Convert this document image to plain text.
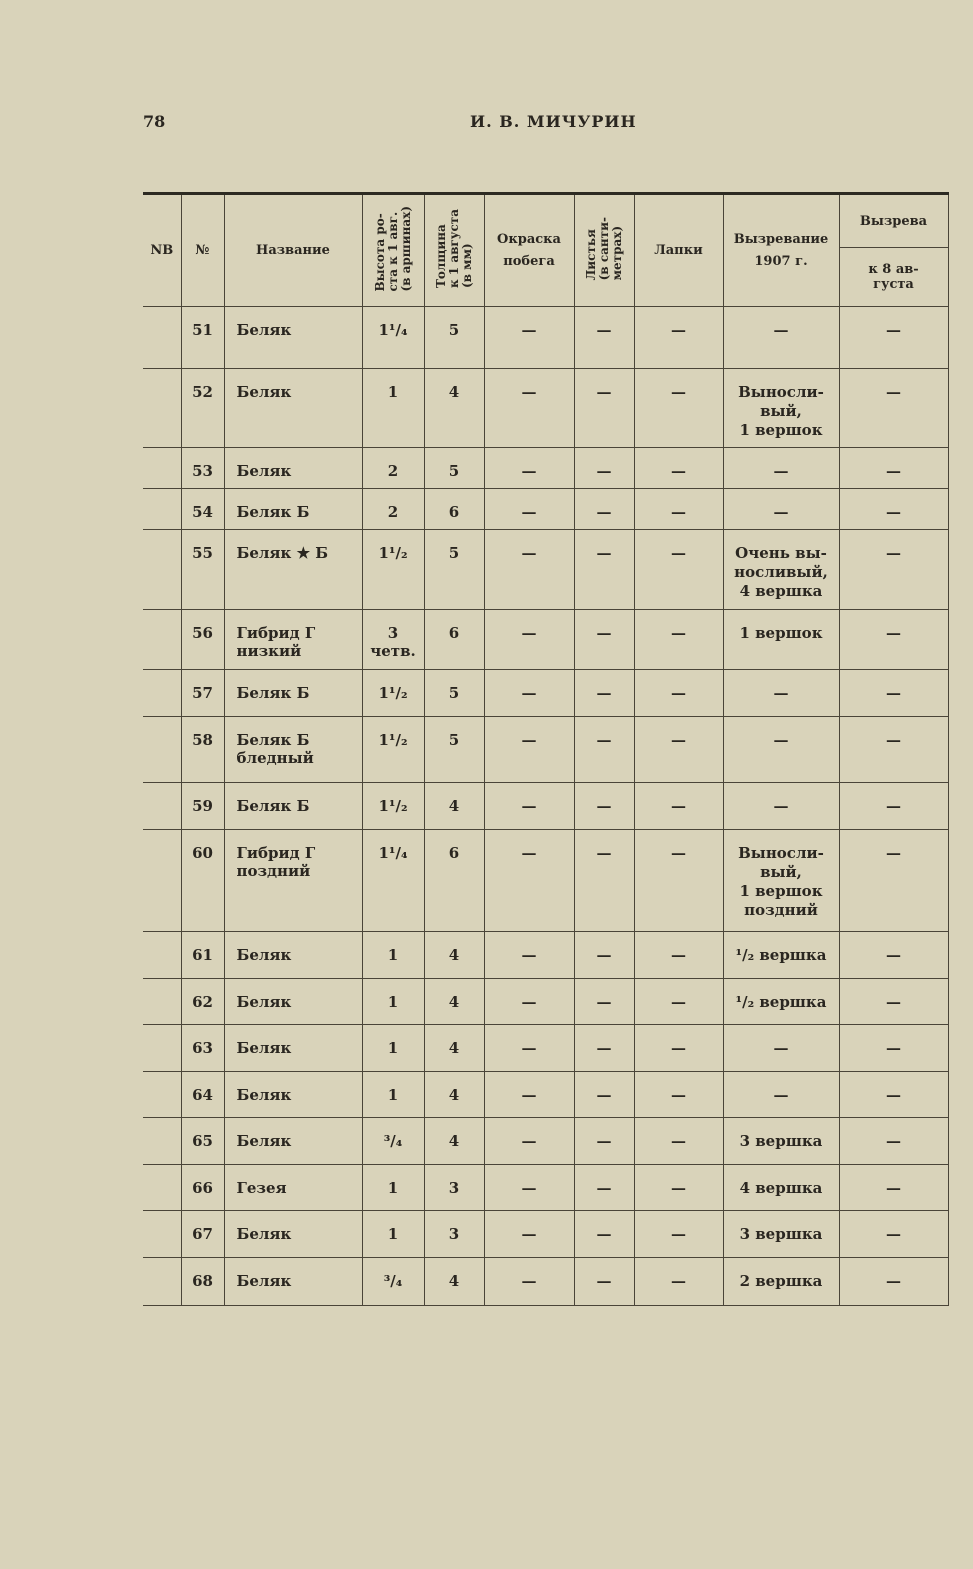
78	И. В. МИЧУРИН
NB	№	Название	Высота ро-
ста к 1 авг.
(в аршинах)	Толщина
к 1 августа
(в мм)	Окраска
побега	Листья
(в санти-
метрах)	Лапки	Вызревание
1907 г.	Вызрева
									к 8 ав-
густа
	51	Беляк	1¹/₄	5	—	—	—	—	—
	52	Беляк	1	4	—	—	—	Выносли-
вый,
1 вершок	—
	53	Беляк	2	5	—	—	—	—	—
	54	Беляк Б	2	6	—	—	—	—	—
	55	Беляк ★ Б	1¹/₂	5	—	—	—	Очень вы-
носливый,
4 вершка	—
	56	Гибрид Г
низкий	3
четв.	6	—	—	—	1 вершок	—
	57	Беляк Б	1¹/₂	5	—	—	—	—	—
	58	Беляк Б
бледный	1¹/₂	5	—	—	—	—	—
	59	Беляк Б	1¹/₂	4	—	—	—	—	—
	60	Гибрид Г
поздний	1¹/₄	6	—	—	—	Выносли-
вый,
1 вершок
поздний	—
	61	Беляк	1	4	—	—	—	¹/₂ вершка	—
	62	Беляк	1	4	—	—	—	¹/₂ вершка	—
	63	Беляк	1	4	—	—	—	—	—
	64	Беляк	1	4	—	—	—	—	—
	65	Беляк	³/₄	4	—	—	—	3 вершка	—
	66	Гезея	1	3	—	—	—	4 вершка	—
	67	Беляк	1	3	—	—	—	3 вершка	—
	68	Беляк	³/₄	4	—	—	—	2 вершка	—
